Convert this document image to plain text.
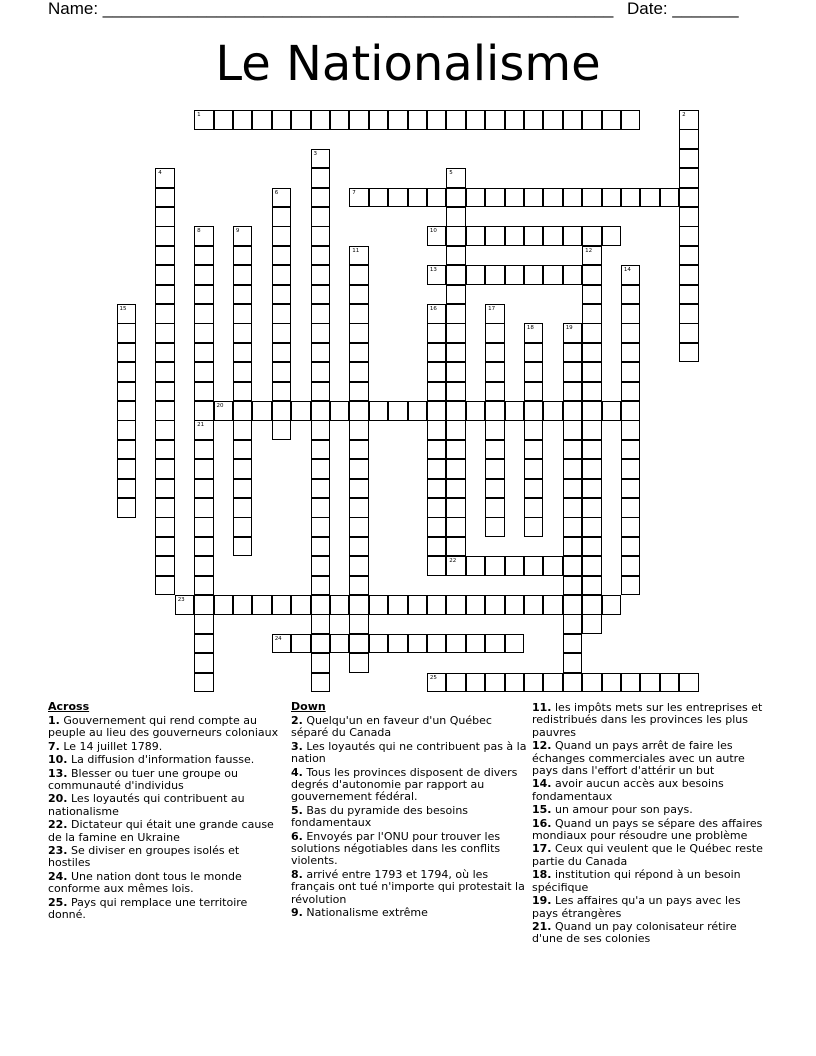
Name: ______________________________________________________ Date: _______
Le Nationalisme
1	2
3
4	5
22
6	7
8
21
9	10
11	12
13	14
15	16	17
18	19
20
23
24
25
Across
1. Gouvernement qui rend compte au peuple au lieu des gouverneurs coloniaux
7. Le 14 juillet 1789.
10. La diffusion d'information fausse.
13. Blesser ou tuer une groupe ou communauté d'individus
20. Les loyautés qui contribuent au nationalisme
22. Dictateur qui était une grande cause de la famine en Ukraine
23. Se diviser en groupes isolés et hostiles
24. Une nation dont tous le monde conforme aux mêmes lois.
25. Pays qui remplace une territoire donné.
Down
2. Quelqu'un en faveur d'un Québec séparé du Canada
3. Les loyautés qui ne contribuent pas à la nation
4. Tous les provinces disposent de divers degrés d'autonomie par rapport au gouvernement fédéral.
5. Bas du pyramide des besoins fondamentaux
6. Envoyés par l'ONU pour trouver les solutions négotiables dans les conflits violents.
8. arrivé entre 1793 et 1794, où les français ont tué n'importe qui protestait la révolution
9. Nationalisme extrême
11. les impôts mets sur les entreprises et redistribués dans les provinces les plus pauvres
12. Quand un pays arrêt de faire les échanges commerciales avec un autre pays dans l'effort d'attérir un but
14. avoir aucun accès aux besoins fondamentaux
15. un amour pour son pays.
16. Quand un pays se sépare des affaires mondiaux pour résoudre une problème
17. Ceux qui veulent que le Québec reste partie du Canada
18. institution qui répond à un besoin spécifique
19. Les affaires qu'a un pays avec les pays étrangères
21. Quand un pay colonisateur rétire d'une de ses colonies
